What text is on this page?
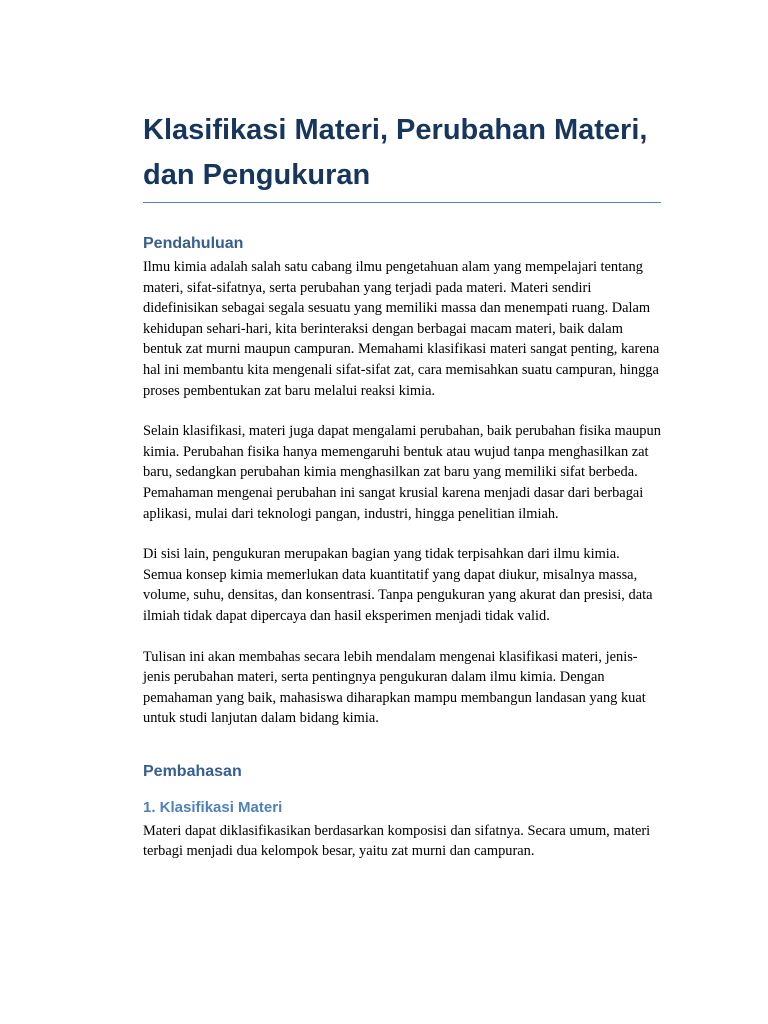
Klasifikasi Materi, Perubahan Materi,
dan Pengukuran
Pendahuluan

Ilmu kimia adalah salah satu cabang ilmu pengetahuan alam yang mempelajari tentang materi, sifat-sifatnya, serta perubahan yang terjadi pada materi. Materi sendiri didefinisikan sebagai segala sesuatu yang memiliki massa dan menempati ruang. Dalam kehidupan sehari-hari, kita berinteraksi dengan berbagai macam materi, baik dalam bentuk zat murni maupun campuran. Memahami klasifikasi materi sangat penting, karena hal ini membantu kita mengenali sifat-sifat zat, cara memisahkan suatu campuran, hingga proses pembentukan zat baru melalui reaksi kimia.

Selain klasifikasi, materi juga dapat mengalami perubahan, baik perubahan fisika maupun kimia. Perubahan fisika hanya memengaruhi bentuk atau wujud tanpa menghasilkan zat baru, sedangkan perubahan kimia menghasilkan zat baru yang memiliki sifat berbeda. Pemahaman mengenai perubahan ini sangat krusial karena menjadi dasar dari berbagai aplikasi, mulai dari teknologi pangan, industri, hingga penelitian ilmiah.

Di sisi lain, pengukuran merupakan bagian yang tidak terpisahkan dari ilmu kimia. Semua konsep kimia memerlukan data kuantitatif yang dapat diukur, misalnya massa, volume, suhu, densitas, dan konsentrasi. Tanpa pengukuran yang akurat dan presisi, data ilmiah tidak dapat dipercaya dan hasil eksperimen menjadi tidak valid.

Tulisan ini akan membahas secara lebih mendalam mengenai klasifikasi materi, jenis-jenis perubahan materi, serta pentingnya pengukuran dalam ilmu kimia. Dengan pemahaman yang baik, mahasiswa diharapkan mampu membangun landasan yang kuat untuk studi lanjutan dalam bidang kimia.

Pembahasan
1. Klasifikasi Materi

Materi dapat diklasifikasikan berdasarkan komposisi dan sifatnya. Secara umum, materi terbagi menjadi dua kelompok besar, yaitu zat murni dan campuran.
